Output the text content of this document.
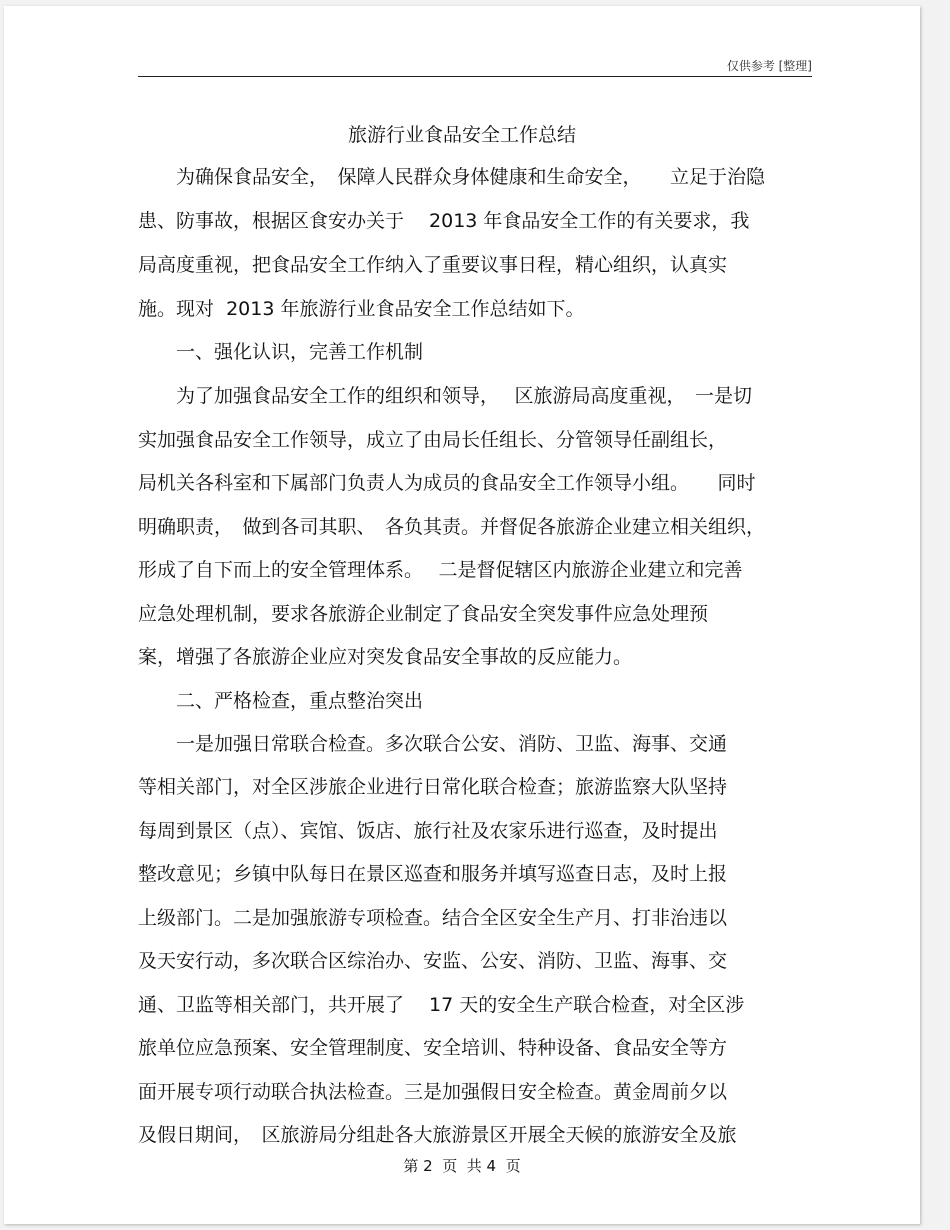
仅供参考 [整理]
旅游行业食品安全工作总结
　　为确保食品安全，　保障人民群众身体健康和生命安全，　　立足于治隐
患、防事故，根据区食安办关于　 2013 年食品安全工作的有关要求，我
局高度重视，把食品安全工作纳入了重要议事日程，精心组织，认真实
施。现对  2013 年旅游行业食品安全工作总结如下。
　　一、强化认识，完善工作机制
　　为了加强食品安全工作的组织和领导，　 区旅游局高度重视，　一是切
实加强食品安全工作领导，成立了由局长任组长、分管领导任副组长，
局机关各科室和下属部门负责人为成员的食品安全工作领导小组。　　同时
明确职责，　做到各司其职、　各负其责。并督促各旅游企业建立相关组织，
形成了自下而上的安全管理体系。　 二是督促辖区内旅游企业建立和完善
应急处理机制，要求各旅游企业制定了食品安全突发事件应急处理预
案，增强了各旅游企业应对突发食品安全事故的反应能力。
　　二、严格检查，重点整治突出
　　一是加强日常联合检查。多次联合公安、消防、卫监、海事、交通
等相关部门，对全区涉旅企业进行日常化联合检查；旅游监察大队坚持
每周到景区（点）、宾馆、饭店、旅行社及农家乐进行巡查，及时提出
整改意见；乡镇中队每日在景区巡查和服务并填写巡查日志，及时上报
上级部门。二是加强旅游专项检查。结合全区安全生产月、打非治违以
及天安行动，多次联合区综治办、安监、公安、消防、卫监、海事、交
通、卫监等相关部门，共开展了　 17 天的安全生产联合检查，对全区涉
旅单位应急预案、安全管理制度、安全培训、特种设备、食品安全等方
面开展专项行动联合执法检查。三是加强假日安全检查。黄金周前夕以
及假日期间，　区旅游局分组赴各大旅游景区开展全天候的旅游安全及旅
第 2  页  共 4  页
